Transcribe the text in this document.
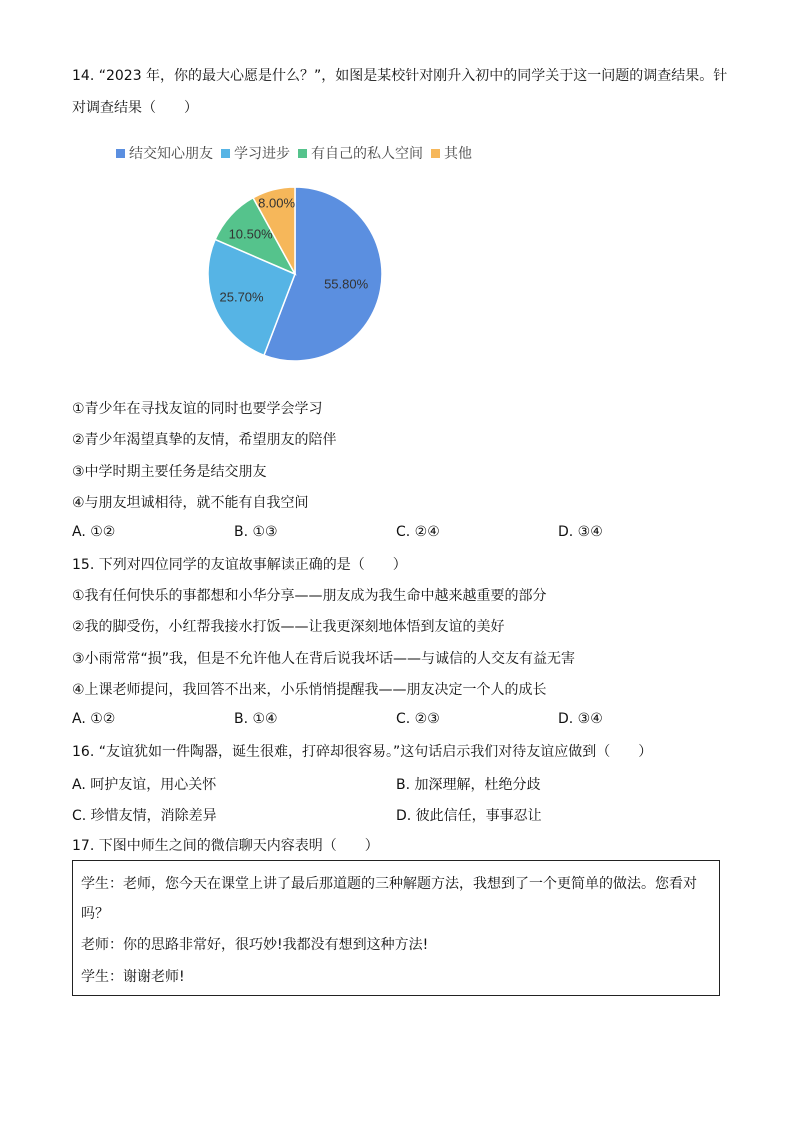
14. “2023 年，你的最大心愿是什么？”，如图是某校针对刚升入初中的同学关于这一问题的调查结果。针
对调查结果（　　）
结交知心朋友 学习进步 有自己的私人空间 其他
55.80%
25.70%
10.50%
8.00%
①青少年在寻找友谊的同时也要学会学习
②青少年渴望真挚的友情，希望朋友的陪伴
③中学时期主要任务是结交朋友
④与朋友坦诚相待，就不能有自我空间
A. ①②	B. ①③	C. ②④	D. ③④
15. 下列对四位同学的友谊故事解读正确的是（　　）
①我有任何快乐的事都想和小华分享——朋友成为我生命中越来越重要的部分
②我的脚受伤，小红帮我接水打饭——让我更深刻地体悟到友谊的美好
③小雨常常“损”我，但是不允许他人在背后说我坏话——与诚信的人交友有益无害
④上课老师提问，我回答不出来，小乐悄悄提醒我——朋友决定一个人的成长
A. ①②	B. ①④	C. ②③	D. ③④
16. “友谊犹如一件陶器，诞生很难，打碎却很容易。”这句话启示我们对待友谊应做到（　　）
A. 呵护友谊，用心关怀	B. 加深理解，杜绝分歧
C. 珍惜友情，消除差异	D. 彼此信任，事事忍让
17. 下图中师生之间的微信聊天内容表明（　　）
学生：老师，您今天在课堂上讲了最后那道题的三种解题方法，我想到了一个更简单的做法。您看对
吗？
老师：你的思路非常好，很巧妙!我都没有想到这种方法!
学生：谢谢老师!
